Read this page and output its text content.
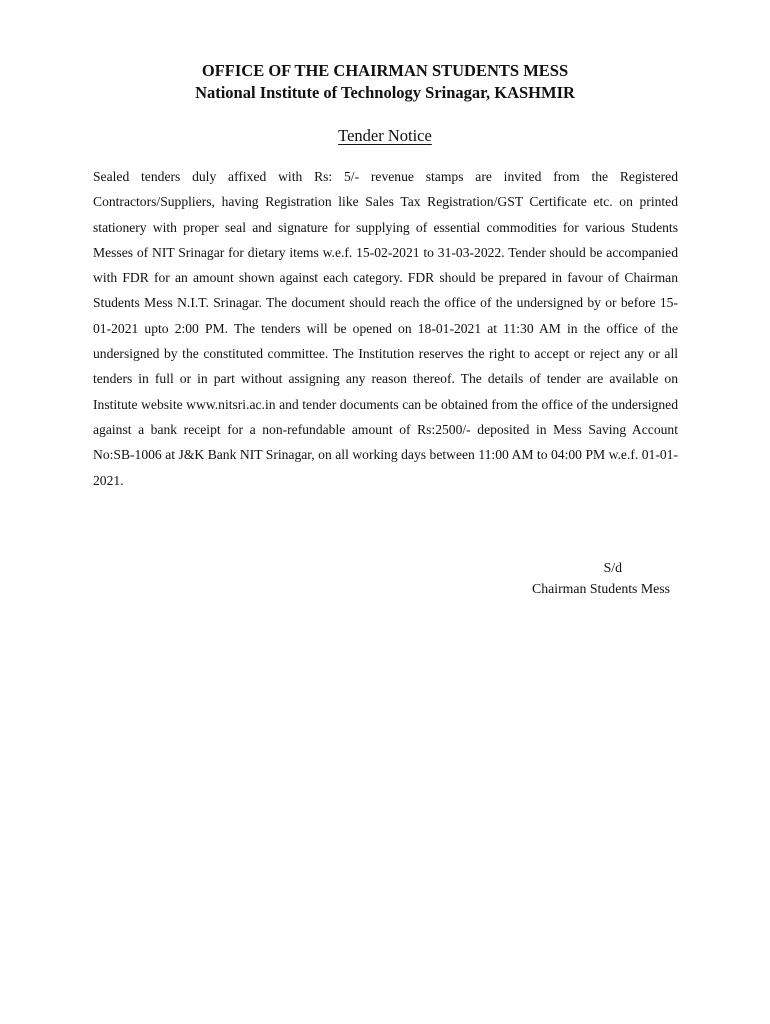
OFFICE OF THE CHAIRMAN STUDENTS MESS
National Institute of Technology Srinagar, KASHMIR
Tender Notice
Sealed tenders duly affixed with Rs: 5/- revenue stamps are invited from the Registered Contractors/Suppliers, having Registration like Sales Tax Registration/GST Certificate etc. on printed stationery with proper seal and signature for supplying of essential commodities for various Students Messes of NIT Srinagar for dietary items w.e.f. 15-02-2021 to 31-03-2022. Tender should be accompanied with FDR for an amount shown against each category. FDR should be prepared in favour of Chairman Students Mess N.I.T. Srinagar. The document should reach the office of the undersigned by or before 15-01-2021 upto 2:00 PM. The tenders will be opened on 18-01-2021 at 11:30 AM in the office of the undersigned by the constituted committee. The Institution reserves the right to accept or reject any or all tenders in full or in part without assigning any reason thereof. The details of tender are available on Institute website www.nitsri.ac.in and tender documents can be obtained from the office of the undersigned against a bank receipt for a non-refundable amount of Rs:2500/- deposited in Mess Saving Account No:SB-1006 at J&K Bank NIT Srinagar, on all working days between 11:00 AM to 04:00 PM w.e.f. 01-01-2021.
S/d
Chairman Students Mess
